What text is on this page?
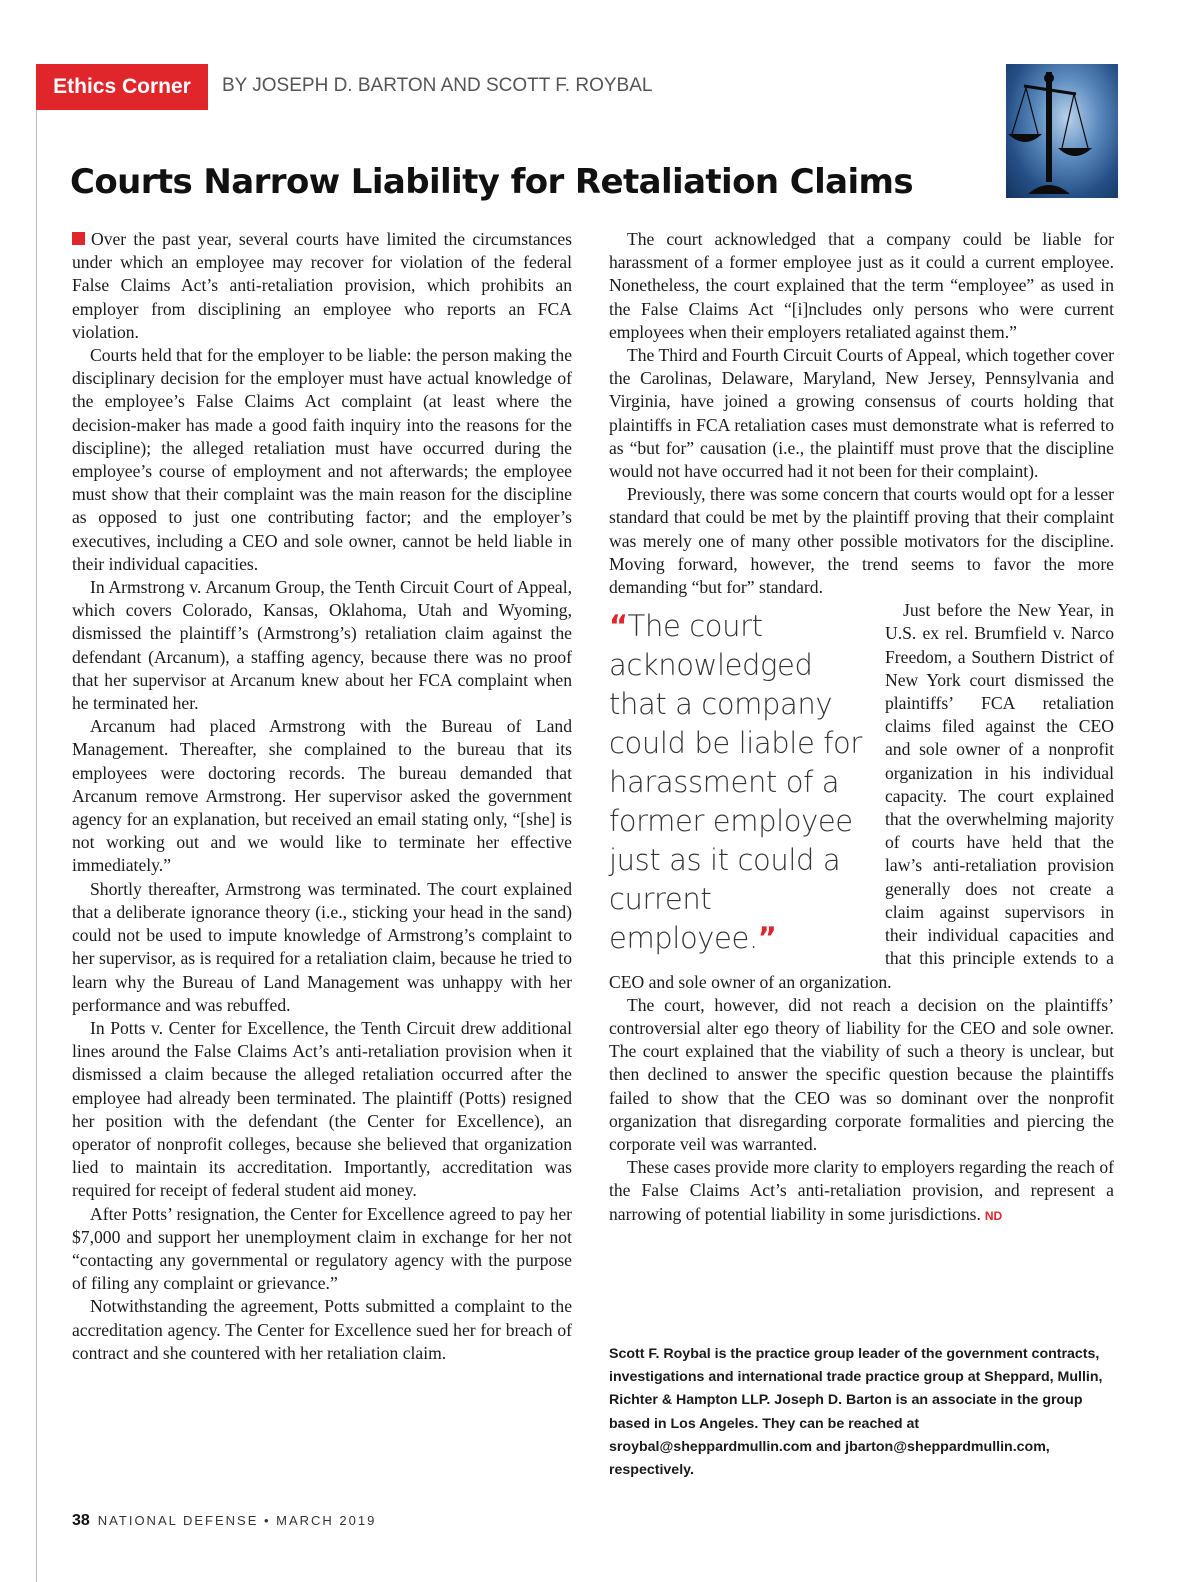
Ethics Corner	BY JOSEPH D. BARTON AND SCOTT F. ROYBAL
Courts Narrow Liability for Retaliation Claims

Over the past year, several courts have limited the circumstances under which an employee may recover for violation of the federal False Claims Act’s anti-retaliation provision, which prohibits an employer from disciplining an employee who reports an FCA violation.

Courts held that for the employer to be liable: the person making the disciplinary decision for the employer must have actual knowledge of the employee’s False Claims Act complaint (at least where the decision-maker has made a good faith inquiry into the reasons for the discipline); the alleged retaliation must have occurred during the employee’s course of employment and not afterwards; the employee must show that their complaint was the main reason for the discipline as opposed to just one contributing factor; and the employer’s executives, including a CEO and sole owner, cannot be held liable in their individual capacities.

In Armstrong v. Arcanum Group, the Tenth Circuit Court of Appeal, which covers Colorado, Kansas, Oklahoma, Utah and Wyoming, dismissed the plaintiff’s (Armstrong’s) retaliation claim against the defendant (Arcanum), a staffing agency, because there was no proof that her supervisor at Arcanum knew about her FCA complaint when he terminated her.

Arcanum had placed Armstrong with the Bureau of Land Management. Thereafter, she complained to the bureau that its employees were doctoring records. The bureau demanded that Arcanum remove Armstrong. Her supervisor asked the government agency for an explanation, but received an email stating only, “[she] is not working out and we would like to terminate her effective immediately.”

Shortly thereafter, Armstrong was terminated. The court explained that a deliberate ignorance theory (i.e., sticking your head in the sand) could not be used to impute knowledge of Armstrong’s complaint to her supervisor, as is required for a retaliation claim, because he tried to learn why the Bureau of Land Management was unhappy with her performance and was rebuffed.

In Potts v. Center for Excellence, the Tenth Circuit drew additional lines around the False Claims Act’s anti-retaliation provision when it dismissed a claim because the alleged retaliation occurred after the employee had already been terminated. The plaintiff (Potts) resigned her position with the defendant (the Center for Excellence), an operator of nonprofit colleges, because she believed that organization lied to maintain its accreditation. Importantly, accreditation was required for receipt of federal student aid money.

After Potts’ resignation, the Center for Excellence agreed to pay her $7,000 and support her unemployment claim in exchange for her not “contacting any governmental or regulatory agency with the purpose of filing any complaint or grievance.”

Notwithstanding the agreement, Potts submitted a complaint to the accreditation agency. The Center for Excellence sued her for breach of contract and she countered with her retaliation claim.

The court acknowledged that a company could be liable for harassment of a former employee just as it could a current employee. Nonetheless, the court explained that the term “employee” as used in the False Claims Act “[i]ncludes only persons who were current employees when their employers retaliated against them.”

The Third and Fourth Circuit Courts of Appeal, which together cover the Carolinas, Delaware, Maryland, New Jersey, Pennsylvania and Virginia, have joined a growing consensus of courts holding that plaintiffs in FCA retaliation cases must demonstrate what is referred to as “but for” causation (i.e., the plaintiff must prove that the discipline would not have occurred had it not been for their complaint).

Previously, there was some concern that courts would opt for a lesser standard that could be met by the plaintiff proving that their complaint was merely one of many other possible motivators for the discipline. Moving forward, however, the trend seems to favor the more demanding “but for” standard.

“The court acknowledged that a company could be liable for harassment of a former employee just as it could a current employee.”

Just before the New Year, in U.S. ex rel. Brumfield v. Narco Freedom, a Southern District of New York court dismissed the plaintiffs’ FCA retaliation claims filed against the CEO and sole owner of a nonprofit organization in his individual capacity. The court explained that the overwhelming majority of courts have held that the law’s anti-retaliation provision generally does not create a claim against supervisors in their individual capacities and that this principle extends to a CEO and sole owner of an organization.

The court, however, did not reach a decision on the plaintiffs’ controversial alter ego theory of liability for the CEO and sole owner. The court explained that the viability of such a theory is unclear, but then declined to answer the specific question because the plaintiffs failed to show that the CEO was so dominant over the nonprofit organization that disregarding corporate formalities and piercing the corporate veil was warranted.

These cases provide more clarity to employers regarding the reach of the False Claims Act’s anti-retaliation provision, and represent a narrowing of potential liability in some jurisdictions. ND

Scott F. Roybal is the practice group leader of the government contracts, investigations and international trade practice group at Sheppard, Mullin, Richter & Hampton LLP. Joseph D. Barton is an associate in the group based in Los Angeles. They can be reached at sroybal@sheppardmullin.com and jbarton@sheppardmullin.com, respectively.
38 NATIONAL DEFENSE • MARCH 2019
